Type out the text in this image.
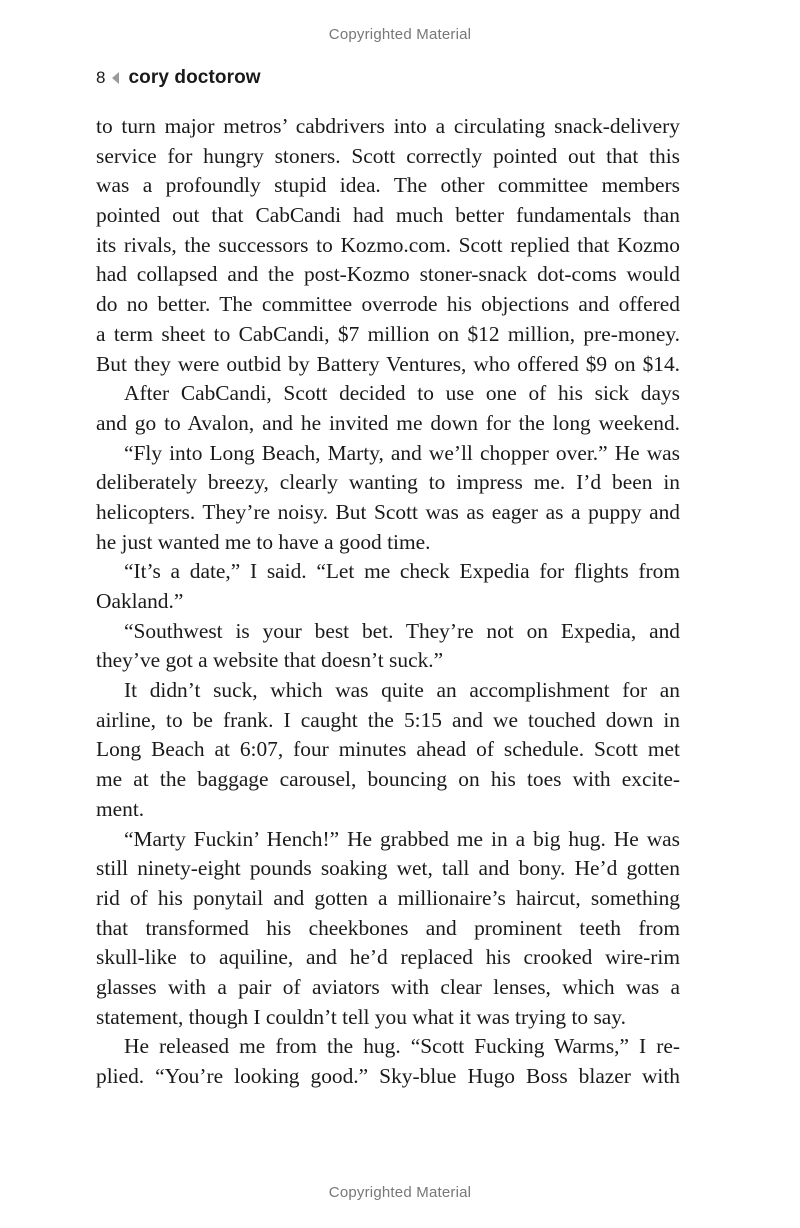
Copyrighted Material
8 cory doctorow
to turn major metros’ cabdrivers into a circulating snack-delivery
service for hungry stoners. Scott correctly pointed out that this
was a profoundly stupid idea. The other committee members
pointed out that CabCandi had much better fundamentals than
its rivals, the successors to Kozmo.com. Scott replied that Kozmo
had collapsed and the post-Kozmo stoner-snack dot-coms would
do no better. The committee overrode his objections and offered
a term sheet to CabCandi, $7 million on $12 million, pre-money.
But they were outbid by Battery Ventures, who offered $9 on $14.
After CabCandi, Scott decided to use one of his sick days
and go to Avalon, and he invited me down for the long weekend.
“Fly into Long Beach, Marty, and we’ll chopper over.” He was
deliberately breezy, clearly wanting to impress me. I’d been in
helicopters. They’re noisy. But Scott was as eager as a puppy and
he just wanted me to have a good time.
“It’s a date,” I said. “Let me check Expedia for flights from
Oakland.”
“Southwest is your best bet. They’re not on Expedia, and
they’ve got a website that doesn’t suck.”
It didn’t suck, which was quite an accomplishment for an
airline, to be frank. I caught the 5:15 and we touched down in
Long Beach at 6:07, four minutes ahead of schedule. Scott met
me at the baggage carousel, bouncing on his toes with excite-
ment.
“Marty Fuckin’ Hench!” He grabbed me in a big hug. He was
still ninety-eight pounds soaking wet, tall and bony. He’d gotten
rid of his ponytail and gotten a millionaire’s haircut, something
that transformed his cheekbones and prominent teeth from
skull-like to aquiline, and he’d replaced his crooked wire-rim
glasses with a pair of aviators with clear lenses, which was a
statement, though I couldn’t tell you what it was trying to say.
He released me from the hug. “Scott Fucking Warms,” I re-
plied. “You’re looking good.” Sky-blue Hugo Boss blazer with
Copyrighted Material
